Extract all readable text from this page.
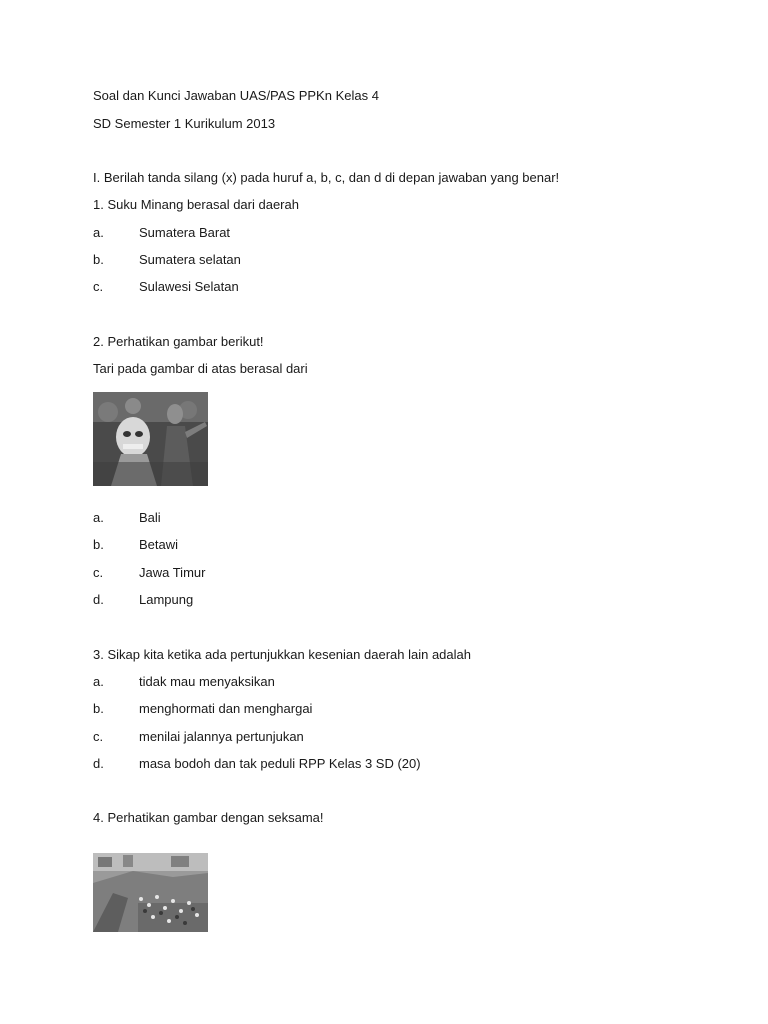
Soal dan Kunci Jawaban UAS/PAS PPKn Kelas 4
SD Semester 1 Kurikulum 2013
I. Berilah tanda silang (x) pada huruf a, b, c, dan d di depan jawaban yang benar!
1. Suku Minang berasal dari daerah
a.	Sumatera Barat
b.	Sumatera selatan
c.	Sulawesi Selatan
2. Perhatikan gambar berikut!
Tari pada gambar di atas berasal dari
a.	Bali
b.	Betawi
c.	Jawa Timur
d.	Lampung
3. Sikap kita ketika ada pertunjukkan kesenian daerah lain adalah
a.	tidak mau menyaksikan
b.	menghormati dan menghargai
c.	menilai jalannya pertunjukan
d.	masa bodoh dan tak peduli RPP Kelas 3 SD (20)
4. Perhatikan gambar dengan seksama!
